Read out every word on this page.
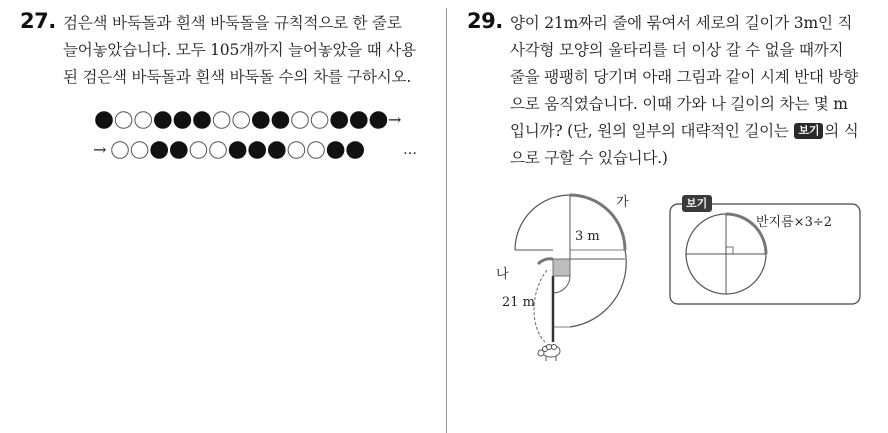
27. 검은색 바둑돌과 흰색 바둑돌을 규칙적으로 한 줄로
늘어놓았습니다. 모두 105개까지 늘어놓았을 때 사용
된 검은색 바둑돌과 흰색 바둑돌 수의 차를 구하시오.
→
→	…
29. 양이 21m짜리 줄에 묶여서 세로의 길이가 3m인 직
사각형 모양의 울타리를 더 이상 갈 수 없을 때까지
줄을 팽팽히 당기며 아래 그림과 같이 시계 반대 방향
으로 움직였습니다. 이때 가와 나 길이의 차는 몇 m
입니까? (단, 원의 일부의 대략적인 길이는 보기 의 식
으로 구할 수 있습니다.)
가
3 m
나
21 m
보기
반지름×3÷2
